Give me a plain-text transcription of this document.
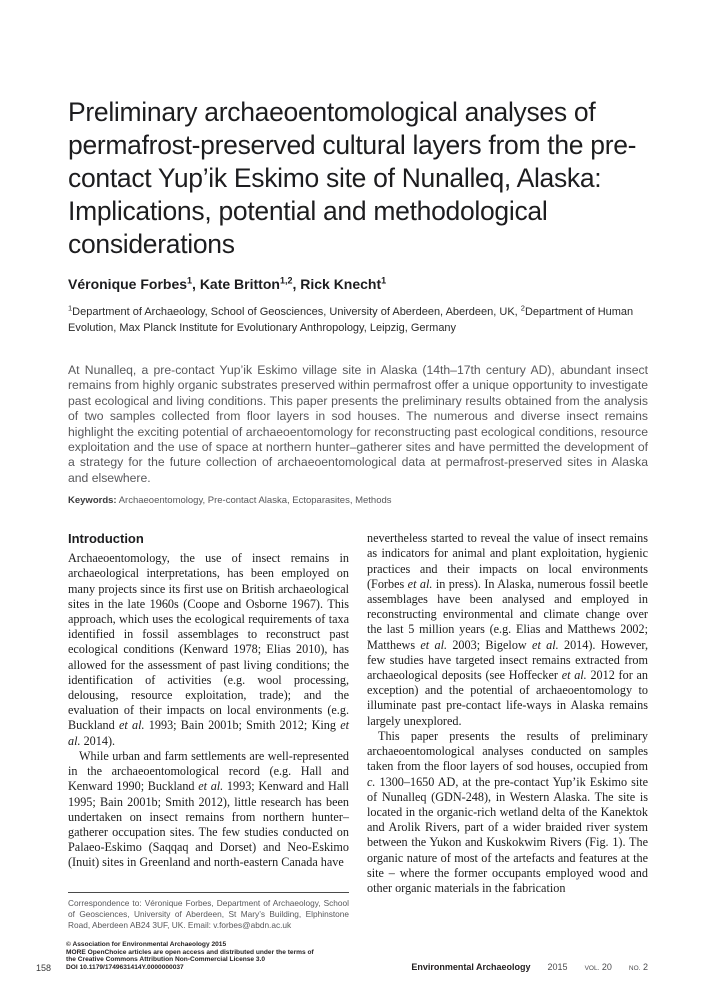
Preliminary archaeoentomological analyses of permafrost-preserved cultural layers from the pre-contact Yup’ik Eskimo site of Nunalleq, Alaska: Implications, potential and methodological considerations
Véronique Forbes$^1$, Kate Britton$^{1,2}$, Rick Knecht$^1$
$^1$Department of Archaeology, School of Geosciences, University of Aberdeen, Aberdeen, UK, $^2$Department of Human Evolution, Max Planck Institute for Evolutionary Anthropology, Leipzig, Germany
At Nunalleq, a pre-contact Yup’ik Eskimo village site in Alaska (14th–17th century AD), abundant insect remains from highly organic substrates preserved within permafrost offer a unique opportunity to investigate past ecological and living conditions. This paper presents the preliminary results obtained from the analysis of two samples collected from floor layers in sod houses. The numerous and diverse insect remains highlight the exciting potential of archaeoentomology for reconstructing past ecological conditions, resource exploitation and the use of space at northern hunter–gatherer sites and have permitted the development of a strategy for the future collection of archaeoentomological data at permafrost-preserved sites in Alaska and elsewhere.
Keywords: Archaeoentomology, Pre-contact Alaska, Ectoparasites, Methods
Introduction

Archaeoentomology, the use of insect remains in archaeological interpretations, has been employed on many projects since its first use on British archaeological sites in the late 1960s (Coope and Osborne 1967). This approach, which uses the ecological requirements of taxa identified in fossil assemblages to reconstruct past ecological conditions (Kenward 1978; Elias 2010), has allowed for the assessment of past living conditions; the identification of activities (e.g. wool processing, delousing, resource exploitation, trade); and the evaluation of their impacts on local environments (e.g. Buckland et al. 1993; Bain 2001b; Smith 2012; King et al. 2014).

While urban and farm settlements are well-represented in the archaeoentomological record (e.g. Hall and Kenward 1990; Buckland et al. 1993; Kenward and Hall 1995; Bain 2001b; Smith 2012), little research has been undertaken on insect remains from northern hunter–gatherer occupation sites. The few studies conducted on Palaeo-Eskimo (Saqqaq and Dorset) and Neo-Eskimo (Inuit) sites in Greenland and north-eastern Canada have

Correspondence to: Véronique Forbes, Department of Archaeology, School of Geosciences, University of Aberdeen, St Mary’s Building, Elphinstone Road, Aberdeen AB24 3UF, UK. Email: v.forbes@abdn.ac.uk

nevertheless started to reveal the value of insect remains as indicators for animal and plant exploitation, hygienic practices and their impacts on local environments (Forbes et al. in press). In Alaska, numerous fossil beetle assemblages have been analysed and employed in reconstructing environmental and climate change over the last 5 million years (e.g. Elias and Matthews 2002; Matthews et al. 2003; Bigelow et al. 2014). However, few studies have targeted insect remains extracted from archaeological deposits (see Hoffecker et al. 2012 for an exception) and the potential of archaeoentomology to illuminate past pre-contact life-ways in Alaska remains largely unexplored.

This paper presents the results of preliminary archaeoentomological analyses conducted on samples taken from the floor layers of sod houses, occupied from c. 1300–1650 AD, at the pre-contact Yup’ik Eskimo site of Nunalleq (GDN-248), in Western Alaska. The site is located in the organic-rich wetland delta of the Kanektok and Arolik Rivers, part of a wider braided river system between the Yukon and Kuskokwim Rivers (Fig. 1). The organic nature of most of the artefacts and features at the site – where the former occupants employed wood and other organic materials in the fabrication

158
© Association for Environmental Archaeology 2015
MORE OpenChoice articles are open access and distributed under the terms of
the Creative Commons Attribution Non-Commercial License 3.0
DOI 10.1179/1749631414Y.0000000037	Environmental Archaeology 2015	VOL. 20	NO. 2
